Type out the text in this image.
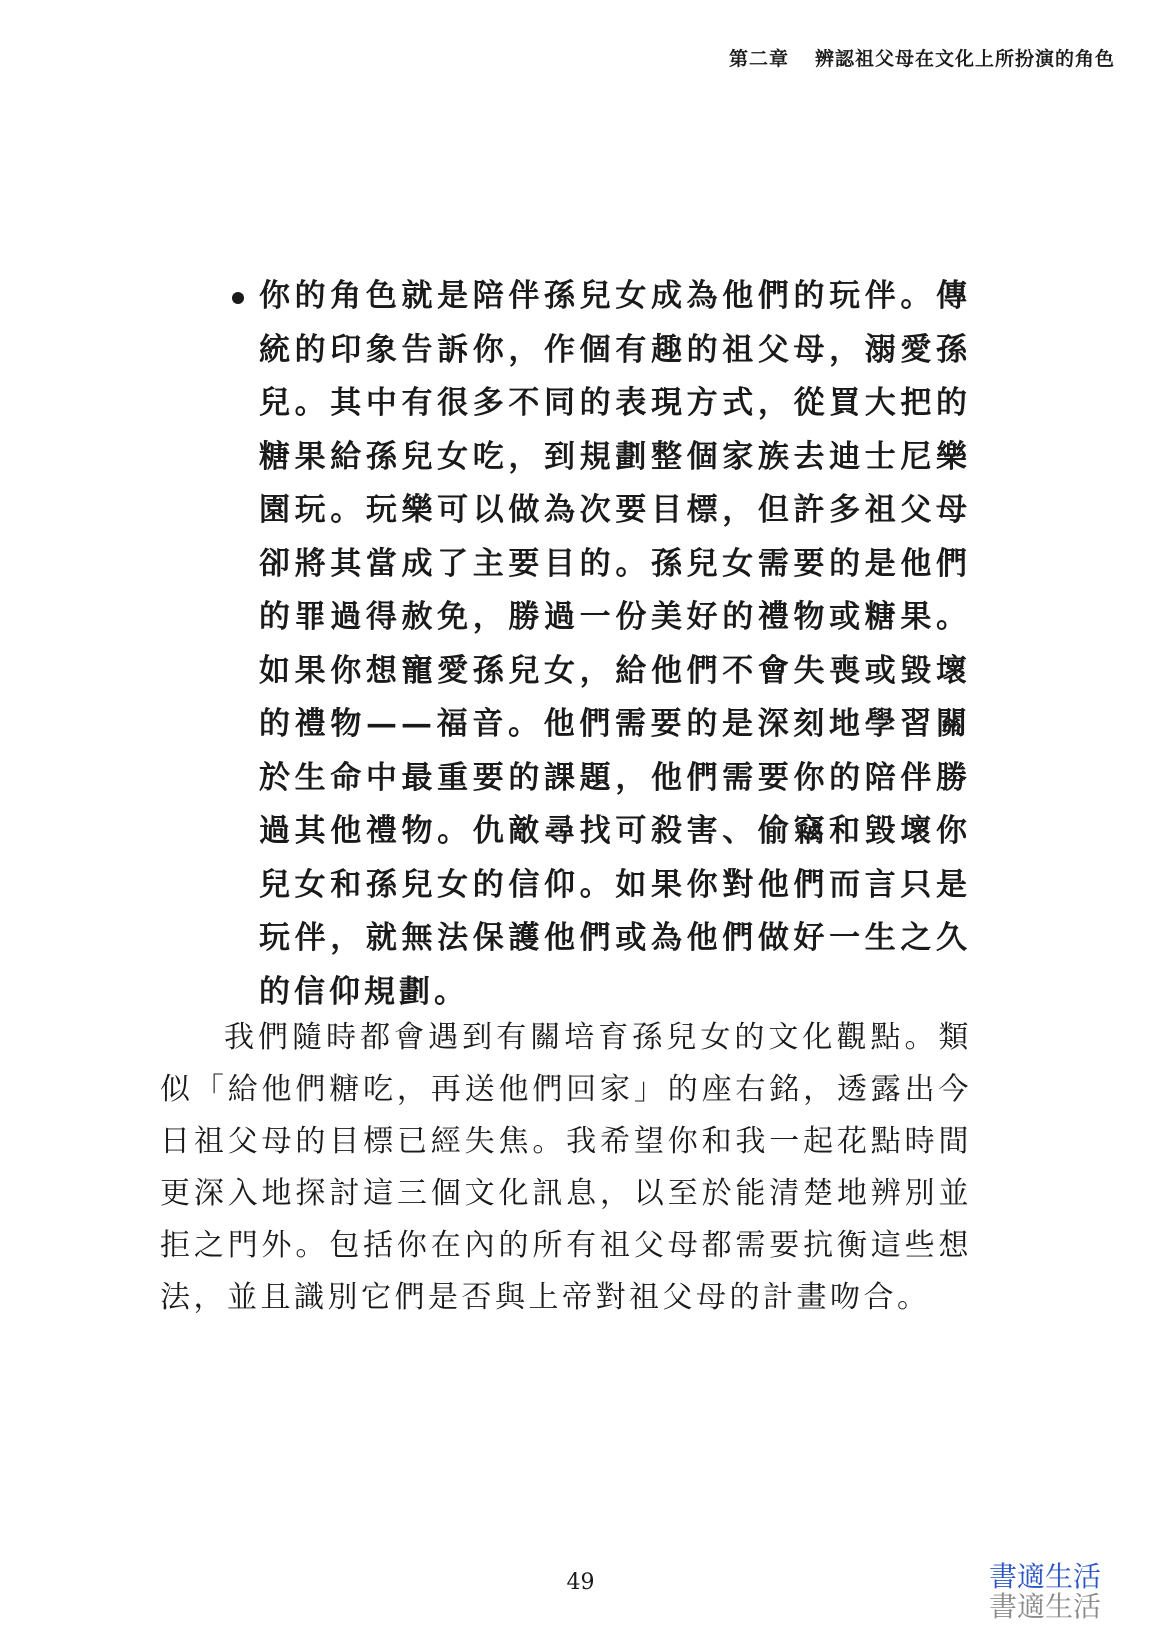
第二章 辨認祖父母在文化上所扮演的角色

你的角色就是陪伴孫兒女成為他們的玩伴。傳統的印象告訴你，作個有趣的祖父母，溺愛孫兒。其中有很多不同的表現方式，從買大把的糖果給孫兒女吃，到規劃整個家族去迪士尼樂園玩。玩樂可以做為次要目標，但許多祖父母卻將其當成了主要目的。孫兒女需要的是他們的罪過得赦免，勝過一份美好的禮物或糖果。如果你想寵愛孫兒女，給他們不會失喪或毀壞的禮物——福音。他們需要的是深刻地學習關於生命中最重要的課題，他們需要你的陪伴勝過其他禮物。仇敵尋找可殺害、偷竊和毀壞你兒女和孫兒女的信仰。如果你對他們而言只是玩伴，就無法保護他們或為他們做好一生之久的信仰規劃。

我們隨時都會遇到有關培育孫兒女的文化觀點。類似「給他們糖吃，再送他們回家」的座右銘，透露出今日祖父母的目標已經失焦。我希望你和我一起花點時間更深入地探討這三個文化訊息，以至於能清楚地辨別並拒之門外。包括你在內的所有祖父母都需要抗衡這些想法，並且識別它們是否與上帝對祖父母的計畫吻合。

49	書適生活
書適生活
